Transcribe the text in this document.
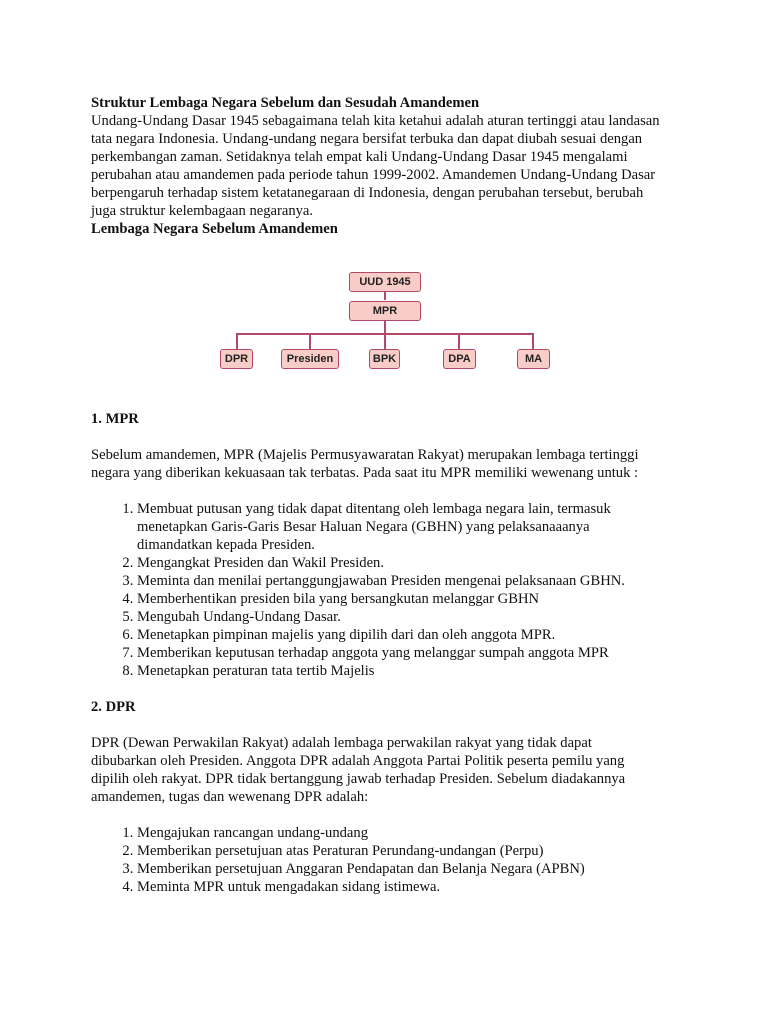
Struktur Lembaga Negara Sebelum dan Sesudah Amandemen

Undang-Undang Dasar 1945 sebagaimana telah kita ketahui adalah aturan tertinggi atau landasan tata negara Indonesia. Undang-undang negara bersifat terbuka dan dapat diubah sesuai dengan perkembangan zaman. Setidaknya telah empat kali Undang-Undang Dasar 1945 mengalami perubahan atau amandemen pada periode tahun 1999-2002. Amandemen Undang-Undang Dasar berpengaruh terhadap sistem ketatanegaraan di Indonesia, dengan perubahan tersebut, berubah juga struktur kelembagaan negaranya.

Lembaga Negara Sebelum Amandemen
UUD 1945
MPR
DPR	Presiden	BPK	DPA	MA
1. MPR

Sebelum amandemen, MPR (Majelis Permusyawaratan Rakyat) merupakan lembaga tertinggi negara yang diberikan kekuasaan tak terbatas. Pada saat itu MPR memiliki wewenang untuk :

1. Membuat putusan yang tidak dapat ditentang oleh lembaga negara lain, termasuk menetapkan Garis-Garis Besar Haluan Negara (GBHN) yang pelaksanaaanya dimandatkan kepada Presiden.
2. Mengangkat Presiden dan Wakil Presiden.
3. Meminta dan menilai pertanggungjawaban Presiden mengenai pelaksanaan GBHN.
4. Memberhentikan presiden bila yang bersangkutan melanggar GBHN
5. Mengubah Undang-Undang Dasar.
6. Menetapkan pimpinan majelis yang dipilih dari dan oleh anggota MPR.
7. Memberikan keputusan terhadap anggota yang melanggar sumpah anggota MPR
8. Menetapkan peraturan tata tertib Majelis
2. DPR

DPR (Dewan Perwakilan Rakyat) adalah lembaga perwakilan rakyat yang tidak dapat dibubarkan oleh Presiden. Anggota DPR adalah Anggota Partai Politik peserta pemilu yang dipilih oleh rakyat. DPR tidak bertanggung jawab terhadap Presiden. Sebelum diadakannya amandemen, tugas dan wewenang DPR adalah:

1. Mengajukan rancangan undang-undang
2. Memberikan persetujuan atas Peraturan Perundang-undangan (Perpu)
3. Memberikan persetujuan Anggaran Pendapatan dan Belanja Negara (APBN)
4. Meminta MPR untuk mengadakan sidang istimewa.
